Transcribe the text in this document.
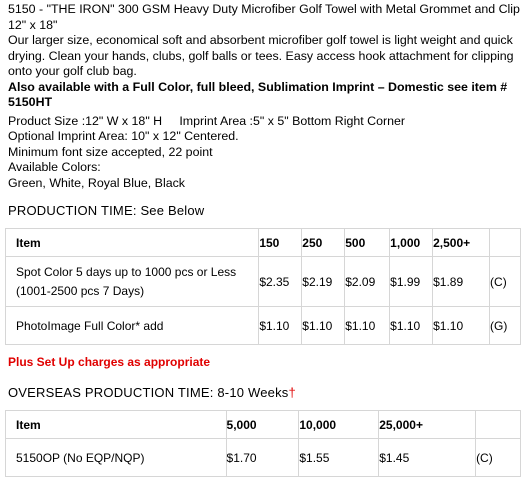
5150 - "THE IRON" 300 GSM Heavy Duty Microfiber Golf Towel with Metal Grommet and Clip

12" x 18"

Our larger size, economical soft and absorbent microfiber golf towel is light weight and quick drying. Clean your hands, clubs, golf balls or tees. Easy access hook attachment for clipping onto your golf club bag.

Also available with a Full Color, full bleed, Sublimation Imprint – Domestic see item # 5150HT

Product Size :12" W x 18" H     Imprint Area :5" x 5" Bottom Right Corner

Optional Imprint Area: 10" x 12" Centered.

Minimum font size accepted, 22 point

Available Colors:

Green, White, Royal Blue, Black

PRODUCTION TIME: See Below
Item	150	250	500	1,000	2,500+	

Spot Color 5 days up to 1000 pcs or Less
(1001-2500 pcs 7 Days)	$2.35	$2.19	$2.09	$1.99	$1.89	(C)
PhotoImage Full Color* add	$1.10	$1.10	$1.10	$1.10	$1.10	(G)
Plus Set Up charges as appropriate
OVERSEAS PRODUCTION TIME: 8-10 Weeks†
Item	5,000	10,000	25,000+	
5150OP (No EQP/NQP)	$1.70	$1.55	$1.45	(C)
